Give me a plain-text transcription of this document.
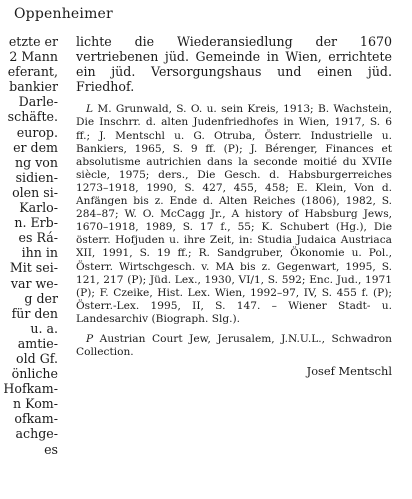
Oppenheimer
etzte er
2 Mann
eferant,
bankier
Darle-
schäfte.
europ.
er dem
ng von
sidien-
olen si-
Karlo-
n. Erb-
es Rá-
ihn in
Mit sei-
var we-
g der
für den
u. a.
amtie-
old Gf.
önliche
Hofkam-
n Kom-
ofkam-
achge-
es

lichte die Wiederansiedlung der 1670 vertriebenen jüd. Gemeinde in Wien, errichtete ein jüd. Versorgungshaus und einen jüd. Friedhof.

L M. Grunwald, S. O. u. sein Kreis, 1913; B. Wachstein, Die Inschrr. d. alten Judenfriedhofes in Wien, 1917, S. 6 ff.; J. Mentschl u. G. Otruba, Österr. Industrielle u. Bankiers, 1965, S. 9 ff. (P); J. Bérenger, Finances et absolutisme autrichien dans la seconde moitié du XVIIe siècle, 1975; ders., Die Gesch. d. Habsburgerreiches 1273–1918, 1990, S. 427, 455, 458; E. Klein, Von d. Anfängen bis z. Ende d. Alten Reiches (1806), 1982, S. 284–87; W. O. McCagg Jr., A history of Habsburg Jews, 1670–1918, 1989, S. 17 f., 55; K. Schubert (Hg.), Die österr. Hofjuden u. ihre Zeit, in: Studia Judaica Austriaca XII, 1991, S. 19 ff.; R. Sandgruber, Ökonomie u. Pol., Österr. Wirtschgesch. v. MA bis z. Gegenwart, 1995, S. 121, 217 (P); Jüd. Lex., 1930, VI/1, S. 592; Enc. Jud., 1971 (P); F. Czeike, Hist. Lex. Wien, 1992–97, IV, S. 455 f. (P); Österr.-Lex. 1995, II, S. 147. – Wiener Stadt- u. Landesarchiv (Biograph. Slg.).

P Austrian Court Jew, Jerusalem, J.N.U.L., Schwadron Collection.

Josef Mentschl
